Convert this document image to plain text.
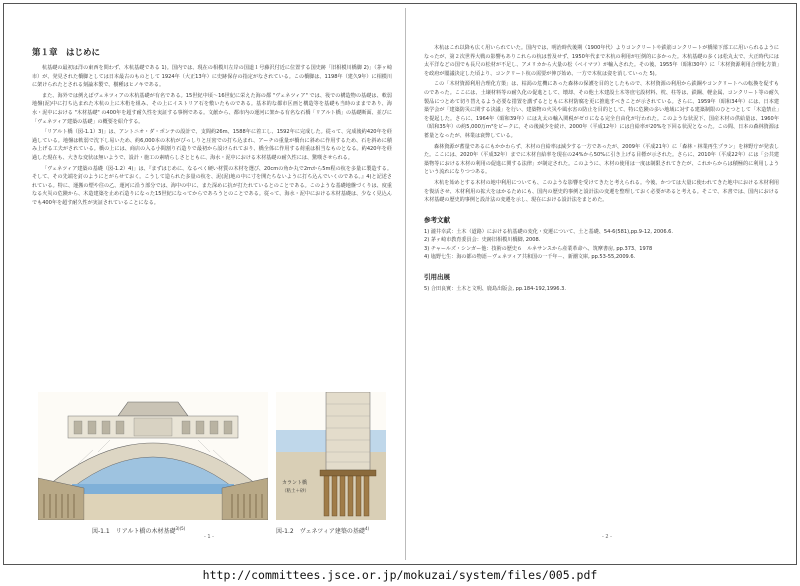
第１章　はじめに

杭基礎の最初は洋の東西を問わず、木杭基礎である 1)。国内では、現在の相模川左岸の国道１号藤沢付近に位置する国史跡「旧相模川橋脚 2)」（茅ヶ崎市）が、発見された橋脚としては日本最古のものとして 1924年（大正13年）に史跡保存の指定がなされている。この橋脚は、1198年（建久9年）に相模川に架けられたとされる刻論本製で、樹種はヒノキである。

また、海外では例えばヴェネツィアの木杭基礎が有名である。15世紀中頃～16世紀に栄えた海の都 "ヴェネツィア" では、筏での構造物の基礎は、軟弱地盤(泥)中に打ち込まれた木杭の上に木桁を組み、その上にイストリア石を敷いたものである。基本的な都市区画と構造等を基礎も当時のままであり、海水・泥中における "木材基礎" の400年を超す耐久性を実証する事例である。文献から、都市内の運河に架かる有名な石橋「リアルト橋」の基礎断面、並びに「ヴェネツィア建築の基礎」の概要を紹介する。

「リアルト橋（図-1.1）3)」は、アントニオ・ダ・ポンテの設計で、支間約26m、1588年に着工し、1592年に完成した。従って、完成後約420年を経過している。地盤は軟弱で沈下し易いため、約6,000本の木杭がびっしりと圧密での打ち込まれ、アーチの重量が橋台に斜めに作用するため、石を斜めに積み上げる工夫がされている。橋の上には、商店の入る小間割り石造りで最初から設けられており、橋全体に作用する荷重は相当なものとなる。約420年を経過した現在も、大きな変状は無いようで、設計・施工の素晴らしさとともに、海水・泥中における木材基礎の耐久性には、驚嘆させられる。

「ヴェネツィア建築の基礎（図-1.2）4)」は、『まずはじめに、なるべく硬い材質の木材を選び、20cmの角か丸で2mから5m程の杭を多量に製造する。そして、その先端を釘のようにとがらせておく。こうして造られた多量の杭を、泥(泥)地の中に寸を開たちないように打ち込んでいくのである。』4)と記述されている。特に、運搬の煙や往の乙、運河に沿う部分では、海中の中に、また深めに抗が打たれているとのことである。このような基礎地盤づくりは、度重なる火災の危険から、木造建築を止め石造りになった15世紀になってからであろうとのことである。従って、海水・泥中における木材基礎は、少なく見込んでも400年を超す耐久性が実証されていることになる。

カラント橋
（粘土＋砂）
図-1.1　リアルト橋の木材基礎$^{3)(5)}$	図-1.2　ヴェネツィア建築の基礎$^{4)}$
- 1 -

木杭はこれ以降も広く用いられていた。国内では、明治時代後期（1900年代）よりコンクリートや鉄筋コンクリートが橋梁下部工に用いられるようになったが、第２次世界大戦の影響もありこれらの杭は普及せず、1950年代まで木杭の利用が圧倒的に多かった。木杭基礎の多くは松丸太で、大正時代には太平洋などの国でも長尺の松材が不足し、アメリカから大量の松（ベイマツ）が輸入された。その後、1955年（昭和30年）に「木材資源利用合理化方策」を政府が閣議決定した頃より、コンクリート杭の需要が伸び始め、一方で木杭は姿を消していった 5)。

この「木材資源利用合理化方策」は、枯渇の危機にあった森林の保護を目的としたもので、木材資源の利用から鉄鋼やコンクリートへの転換を促すものであった。ここには、土壌材料等の耐久化の促進として、壊却、その他土木建設土木等庶宅設材料、枕、柱等は、鉄鋼、軽金属、コンクリート等の耐久製品につとめて切り替えるよう必要な措置を講ずるとともに木材防腐を更に推進すべきことが示されている。さらに、1959年（昭和34年）には、日本建築学会が「建築防災に関する決議」を行い、建築物の火災や風水害の防止を目的として、特に危険の多い地域に対する建築制限のひとつとして「木造禁止」を提起した。さらに、1964年（昭和39年）には丸太の輸入関税がゼロになる完全自由化が行われた。このような状況下、国産木材の供給量は、1960年（昭和35年）の約5,000万m³をピークに、その後減少を続け、2000年（平成12年）には自給率が20%を下回る状況となった。この間、日本の森林資源は蓄量となったが、林業は衰弊している。

森林資源が蓄量であるにもかかわらず、木材の自給率は減少する一方であったが、2009年（平成21年）に「森林・林業再生プラン」を林野庁が発表した。ここには、2020年（平成32年）までに木材自給率を現在の24%から50%に引き上げる目標が示された。さらに、2010年（平成22年）には「公共建築物等における木材の利用の促進に関する法律」が制定された。このように、木材の使用は一度は制限されてきたが、これからからは積極的に利用しようという流れになりつつある。

木杭を始めとする木材の地中利用についても、このような影響を受けてきたと考えられる。今後、かつては大量に使われてきた地中における木材利用を復活させ、木材利用の拡大をはかるためにも、国内の歴史的事例と設計法の変遷を整理しておく必要があると考える。そこで、本書では、国内における木材基礎の歴史的事例と設計法の変遷を示し、現在における設計法をまとめた。

参考文献

1) 瀧井幸武：土木（道路）における杭基礎の変化・変遷について、土と基礎、54-6(581),pp.9-12, 2006.6.

2) 茅ヶ崎市教育委員会：史跡旧相模川橋脚, 2008.

3) チャールズ・シンガー他：技術の歴史６　ルネサンスから産業革命へ、筑摩書房, pp.373、1978

4) 塩野七生：海の都の物語－ヴェネツィア共和国の一千年－、新潮文庫, pp.53-55,2009.6.

引用出展

5) 合田良實：土木と文明、鹿島出版会, pp.184-192,1996.3.

- 2 -
http://committees.jsce.or.jp/mokuzai/system/files/005.pdf
